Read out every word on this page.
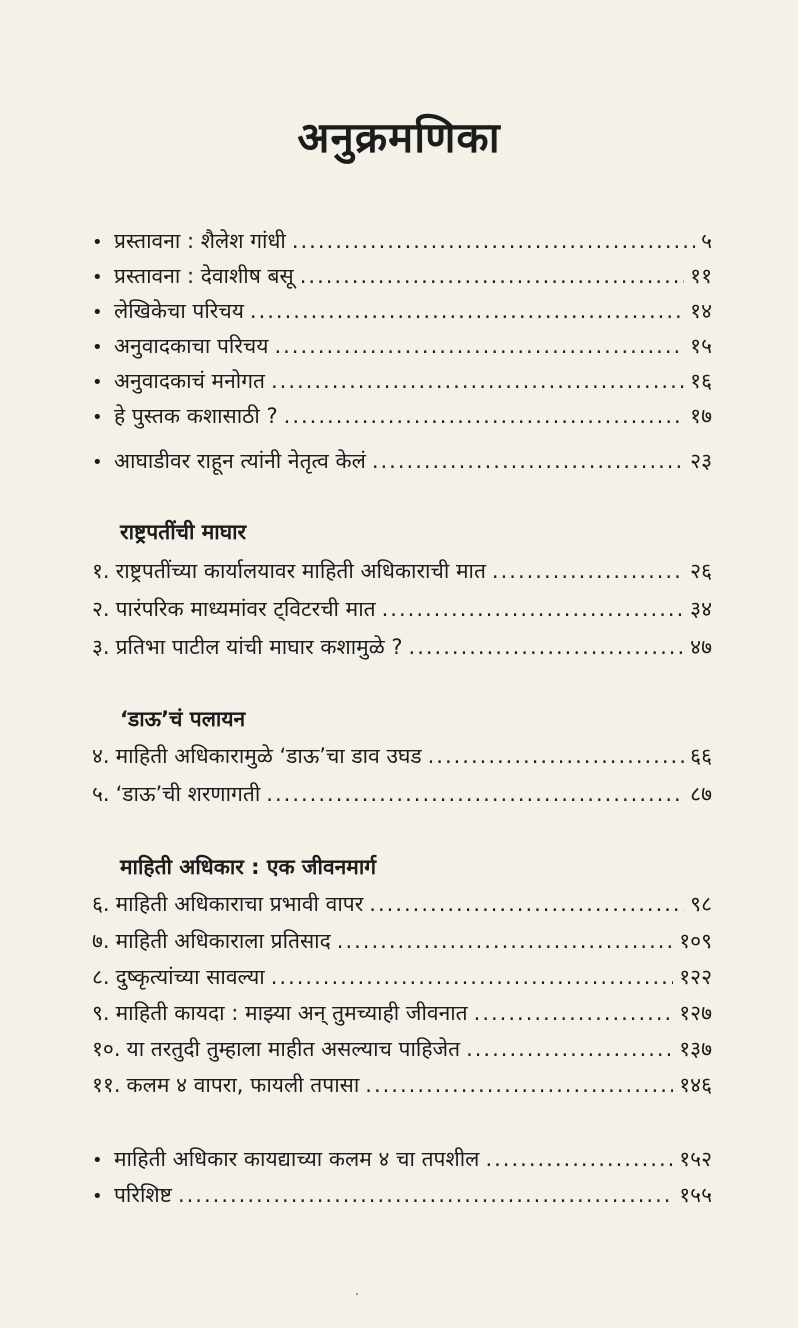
अनुक्रमणिका
• प्रस्तावना : शैलेश गांधी .....	५
• प्रस्तावना : देवाशीष बसू .....	११
• लेखिकेचा परिचय .....	१४
• अनुवादकाचा परिचय .....	१५
• अनुवादकाचं मनोगत .....	१६
• हे पुस्तक कशासाठी ? .....	१७
• आघाडीवर राहून त्यांनी नेतृत्व केलं .....	२३
राष्ट्रपतींची माघार
१. राष्ट्रपतींच्या कार्यालयावर माहिती अधिकाराची मात .....	२६
२. पारंपरिक माध्यमांवर ट्विटरची मात .....	३४
३. प्रतिभा पाटील यांची माघार कशामुळे ? .....	४७
‘डाऊ’चं पलायन
४. माहिती अधिकारामुळे ‘डाऊ’चा डाव उघड .....	६६
५. ‘डाऊ’ची शरणागती .....	८७
माहिती अधिकार : एक जीवनमार्ग
६. माहिती अधिकाराचा प्रभावी वापर .....	९८
७. माहिती अधिकाराला प्रतिसाद .....	१०९
८. दुष्कृत्यांच्या सावल्या .....	१२२
९. माहिती कायदा : माझ्या अन् तुमच्याही जीवनात .....	१२७
१०. या तरतुदी तुम्हाला माहीत असल्याच पाहिजेत .....	१३७
११. कलम ४ वापरा, फायली तपासा .....	१४६
• माहिती अधिकार कायद्याच्या कलम ४ चा तपशील .....	१५२
• परिशिष्ट .....	१५५
